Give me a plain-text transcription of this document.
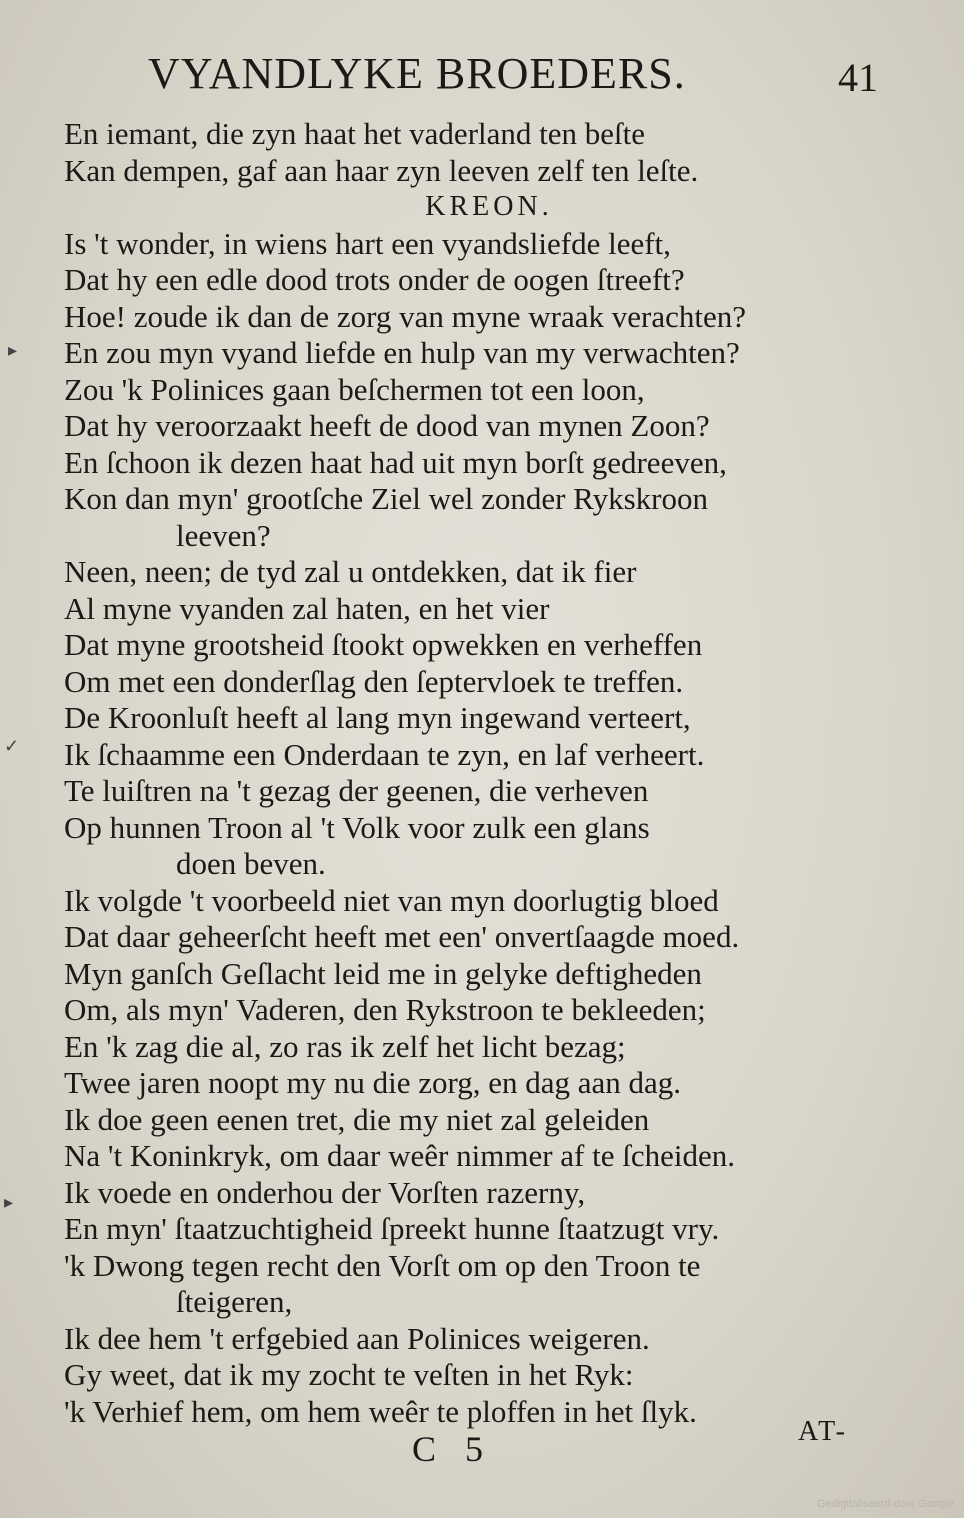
VYANDLYKE BROEDERS.	41
En iemant, die zyn haat het vaderland ten beſte
Kan dempen, gaf aan haar zyn leeven zelf ten leſte.
KREON.
Is 't wonder, in wiens hart een vyandsliefde leeft,
Dat hy een edle dood trots onder de oogen ſtreeft?
Hoe! zoude ik dan de zorg van myne wraak verachten?
En zou myn vyand liefde en hulp van my verwachten?
Zou 'k Polinices gaan beſchermen tot een loon,
Dat hy veroorzaakt heeft de dood van mynen Zoon?
En ſchoon ik dezen haat had uit myn borſt gedreeven,
Kon dan myn' grootſche Ziel wel zonder Rykskroon
leeven?
Neen, neen; de tyd zal u ontdekken, dat ik fier
Al myne vyanden zal haten, en het vier
Dat myne grootsheid ſtookt opwekken en verheffen
Om met een donderſlag den ſeptervloek te treffen.
De Kroonluſt heeft al lang myn ingewand verteert,
Ik ſchaamme een Onderdaan te zyn, en laf verheert.
Te luiſtren na 't gezag der geenen, die verheven
Op hunnen Troon al 't Volk voor zulk een glans
doen beven.
Ik volgde 't voorbeeld niet van myn doorlugtig bloed
Dat daar geheerſcht heeft met een' onvertſaagde moed.
Myn ganſch Geſlacht leid me in gelyke deftigheden
Om, als myn' Vaderen, den Rykstroon te bekleeden;
En 'k zag die al, zo ras ik zelf het licht bezag;
Twee jaren noopt my nu die zorg, en dag aan dag.
Ik doe geen eenen tret, die my niet zal geleiden
Na 't Koninkryk, om daar weêr nimmer af te ſcheiden.
Ik voede en onderhou der Vorſten razerny,
En myn' ſtaatzuchtigheid ſpreekt hunne ſtaatzugt vry.
'k Dwong tegen recht den Vorſt om op den Troon te
ſteigeren,
Ik dee hem 't erfgebied aan Polinices weigeren.
Gy weet, dat ik my zocht te veſten in het Ryk:
'k Verhief hem, om hem weêr te ploffen in het ſlyk.
▸
✓
▸
C 5	AT-
Gedigitaliseerd door Google
